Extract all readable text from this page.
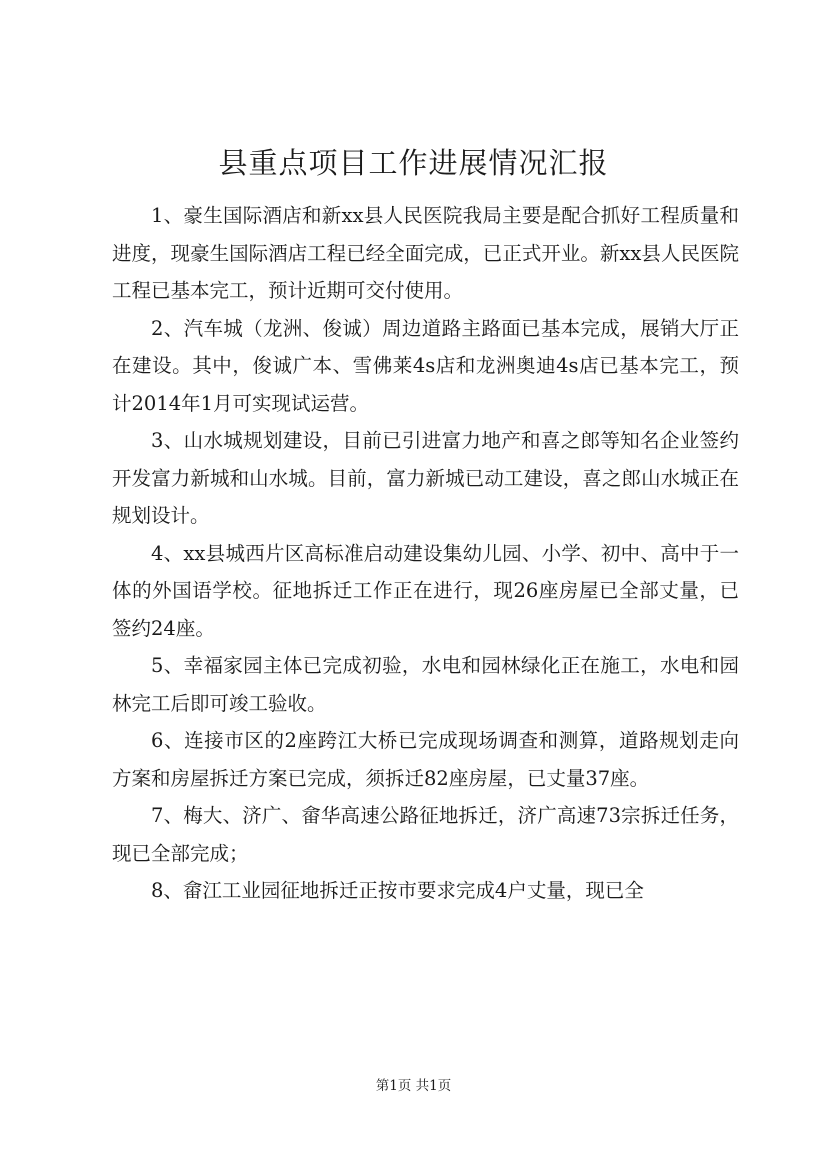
县重点项目工作进展情况汇报

1、豪生国际酒店和新xx县人民医院我局主要是配合抓好工程质量和进度，现豪生国际酒店工程已经全面完成，已正式开业。新xx县人民医院工程已基本完工，预计近期可交付使用。

2、汽车城（龙洲、俊诚）周边道路主路面已基本完成，展销大厅正在建设。其中，俊诚广本、雪佛莱4s店和龙洲奥迪4s店已基本完工，预计2014年1月可实现试运营。

3、山水城规划建设，目前已引进富力地产和喜之郎等知名企业签约开发富力新城和山水城。目前，富力新城已动工建设，喜之郎山水城正在规划设计。

4、xx县城西片区高标准启动建设集幼儿园、小学、初中、高中于一体的外国语学校。征地拆迁工作正在进行，现26座房屋已全部丈量，已签约24座。

5、幸福家园主体已完成初验，水电和园林绿化正在施工，水电和园林完工后即可竣工验收。

6、连接市区的2座跨江大桥已完成现场调查和测算，道路规划走向方案和房屋拆迁方案已完成，须拆迁82座房屋，已丈量37座。

7、梅大、济广、畲华高速公路征地拆迁，济广高速73宗拆迁任务，现已全部完成；

8、畲江工业园征地拆迁正按市要求完成4户丈量，现已全

第1页 共1页
